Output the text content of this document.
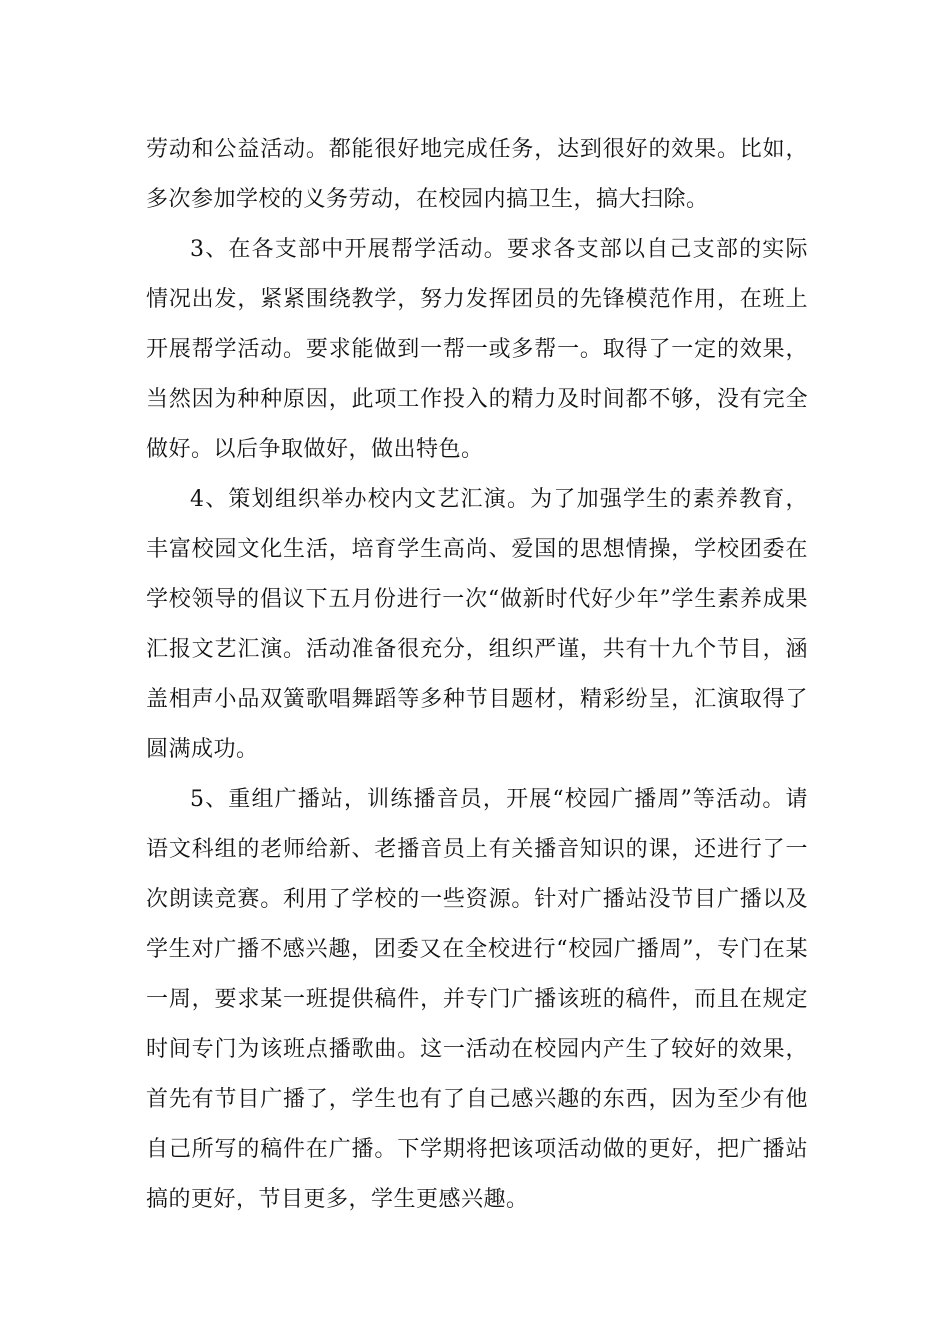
劳动和公益活动。都能很好地完成任务，达到很好的效果。比如，多次参加学校的义务劳动，在校园内搞卫生，搞大扫除。

3、在各支部中开展帮学活动。要求各支部以自己支部的实际情况出发，紧紧围绕教学，努力发挥团员的先锋模范作用，在班上开展帮学活动。要求能做到一帮一或多帮一。取得了一定的效果，当然因为种种原因，此项工作投入的精力及时间都不够，没有完全做好。以后争取做好，做出特色。

4、策划组织举办校内文艺汇演。为了加强学生的素养教育，丰富校园文化生活，培育学生高尚、爱国的思想情操，学校团委在学校领导的倡议下五月份进行一次“做新时代好少年”学生素养成果汇报文艺汇演。活动准备很充分，组织严谨，共有十九个节目，涵盖相声小品双簧歌唱舞蹈等多种节目题材，精彩纷呈，汇演取得了圆满成功。

5、重组广播站，训练播音员，开展“校园广播周”等活动。请语文科组的老师给新、老播音员上有关播音知识的课，还进行了一次朗读竞赛。利用了学校的一些资源。针对广播站没节目广播以及学生对广播不感兴趣，团委又在全校进行“校园广播周”，专门在某一周，要求某一班提供稿件，并专门广播该班的稿件，而且在规定时间专门为该班点播歌曲。这一活动在校园内产生了较好的效果，首先有节目广播了，学生也有了自己感兴趣的东西，因为至少有他自己所写的稿件在广播。下学期将把该项活动做的更好，把广播站搞的更好，节目更多，学生更感兴趣。
